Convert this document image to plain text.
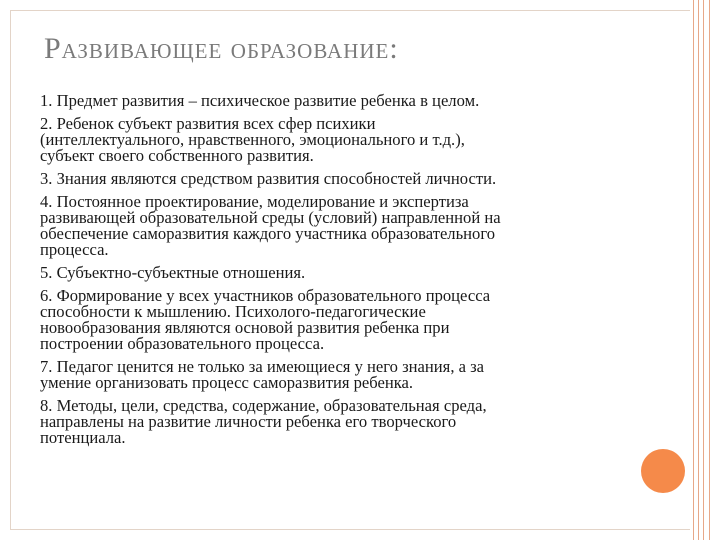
Развивающее образование:

1. Предмет развития – психическое развитие ребенка в целом.

2. Ребенок субъект развития всех сфер психики
(интеллектуального, нравственного, эмоционального и т.д.),
субъект своего собственного развития.

3. Знания являются средством развития способностей личности.

4. Постоянное проектирование, моделирование и экспертиза
развивающей образовательной среды (условий) направленной на
обеспечение саморазвития каждого участника образовательного
процесса.

5. Субъектно-субъектные отношения.

6. Формирование у всех участников образовательного процесса
способности к мышлению. Психолого-педагогические
новообразования являются основой развития ребенка при
построении образовательного процесса.

7. Педагог ценится не только за имеющиеся у него знания, а за
умение организовать процесс саморазвития ребенка.

8. Методы, цели, средства, содержание, образовательная среда,
направлены на развитие личности ребенка его творческого
потенциала.
